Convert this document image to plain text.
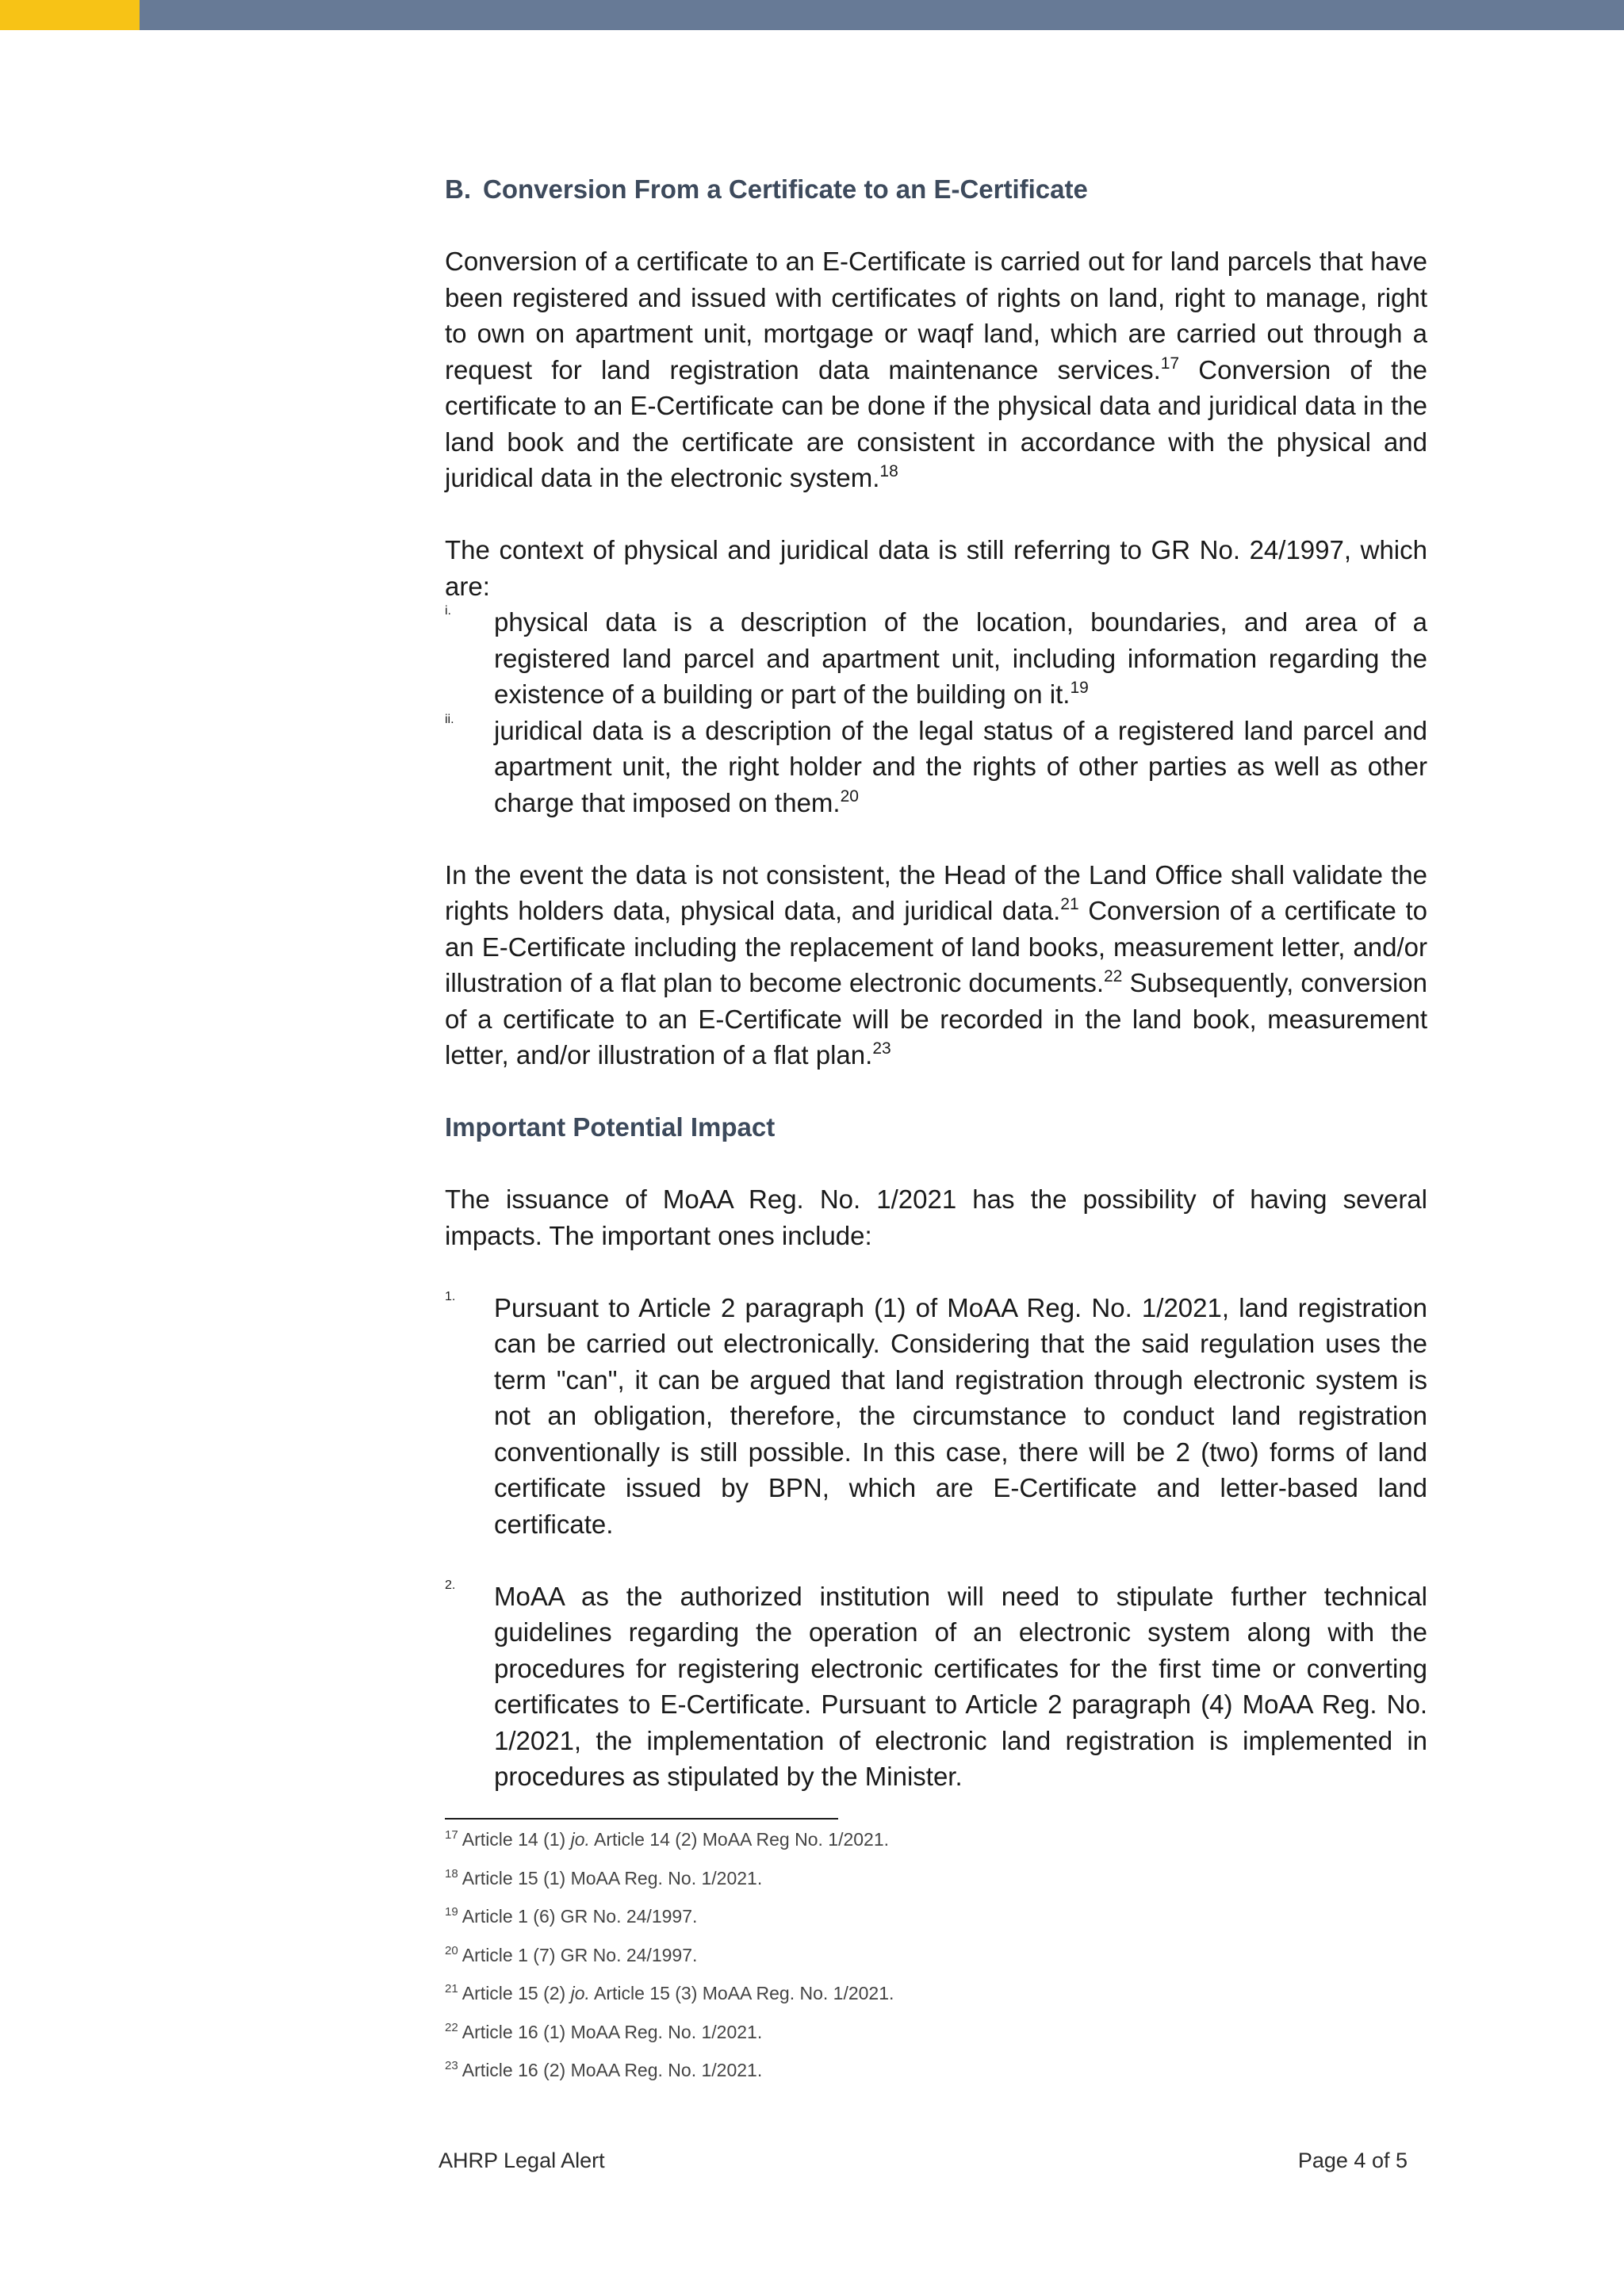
B. Conversion From a Certificate to an E-Certificate

Conversion of a certificate to an E-Certificate is carried out for land parcels that have been registered and issued with certificates of rights on land, right to manage, right to own on apartment unit, mortgage or waqf land, which are carried out through a request for land registration data maintenance services.$^{17}$ Conversion of the certificate to an E-Certificate can be done if the physical data and juridical data in the land book and the certificate are consistent in accordance with the physical and juridical data in the electronic system.$^{18}$

The context of physical and juridical data is still referring to GR No. 24/1997, which are:

i.	physical data is a description of the location, boundaries, and area of a registered land parcel and apartment unit, including information regarding the existence of a building or part of the building on it.$^{19}$

ii.	juridical data is a description of the legal status of a registered land parcel and apartment unit, the right holder and the rights of other parties as well as other charge that imposed on them.$^{20}$

In the event the data is not consistent, the Head of the Land Office shall validate the rights holders data, physical data, and juridical data.$^{21}$ Conversion of a certificate to an E-Certificate including the replacement of land books, measurement letter, and/or illustration of a flat plan to become electronic documents.$^{22}$ Subsequently, conversion of a certificate to an E-Certificate will be recorded in the land book, measurement letter, and/or illustration of a flat plan.$^{23}$

Important Potential Impact

The issuance of MoAA Reg. No. 1/2021 has the possibility of having several impacts. The important ones include:

1.	Pursuant to Article 2 paragraph (1) of MoAA Reg. No. 1/2021, land registration can be carried out electronically. Considering that the said regulation uses the term "can", it can be argued that land registration through electronic system is not an obligation, therefore, the circumstance to conduct land registration conventionally is still possible. In this case, there will be 2 (two) forms of land certificate issued by BPN, which are E-Certificate and letter-based land certificate.

2.	MoAA as the authorized institution will need to stipulate further technical guidelines regarding the operation of an electronic system along with the procedures for registering electronic certificates for the first time or converting certificates to E-Certificate. Pursuant to Article 2 paragraph (4) MoAA Reg. No. 1/2021, the implementation of electronic land registration is implemented in procedures as stipulated by the Minister.

$^{17}$ Article 14 (1) jo. Article 14 (2) MoAA Reg No. 1/2021.

$^{18}$ Article 15 (1) MoAA Reg. No. 1/2021.

$^{19}$ Article 1 (6) GR No. 24/1997.

$^{20}$ Article 1 (7) GR No. 24/1997.

$^{21}$ Article 15 (2) jo. Article 15 (3) MoAA Reg. No. 1/2021.

$^{22}$ Article 16 (1) MoAA Reg. No. 1/2021.

$^{23}$ Article 16 (2) MoAA Reg. No. 1/2021.

AHRP Legal Alert	Page 4 of 5
